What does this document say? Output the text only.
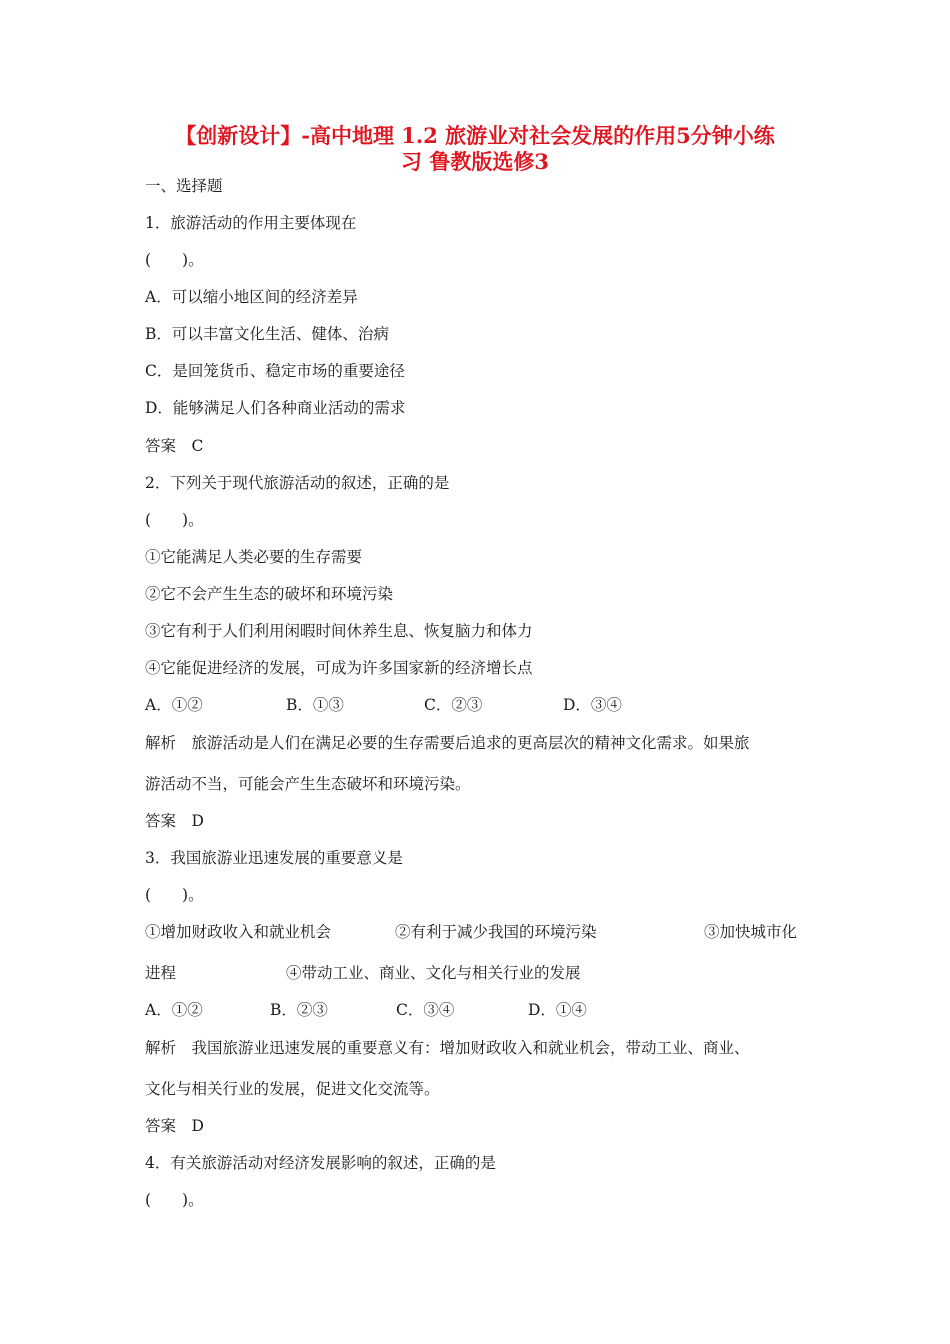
【创新设计】-高中地理 1.2 旅游业对社会发展的作用5分钟小练
习 鲁教版选修3
一、选择题
1．旅游活动的作用主要体现在
(　　)。
A．可以缩小地区间的经济差异
B．可以丰富文化生活、健体、治病
C．是回笼货币、稳定市场的重要途径
D．能够满足人们各种商业活动的需求
答案　C
2．下列关于现代旅游活动的叙述，正确的是
(　　)。
①它能满足人类必要的生存需要
②它不会产生生态的破坏和环境污染
③它有利于人们利用闲暇时间休养生息、恢复脑力和体力
④它能促进经济的发展，可成为许多国家新的经济增长点
A．①②	B．①③	C．②③	D．③④
解析　旅游活动是人们在满足必要的生存需要后追求的更高层次的精神文化需求。如果旅
游活动不当，可能会产生生态破坏和环境污染。
答案　D
3．我国旅游业迅速发展的重要意义是
(　　)。
①增加财政收入和就业机会	②有利于减少我国的环境污染	③加快城市化
进程	④带动工业、商业、文化与相关行业的发展
A．①②	B．②③	C．③④	D．①④
解析　我国旅游业迅速发展的重要意义有：增加财政收入和就业机会，带动工业、商业、
文化与相关行业的发展，促进文化交流等。
答案　D
4．有关旅游活动对经济发展影响的叙述，正确的是
(　　)。
